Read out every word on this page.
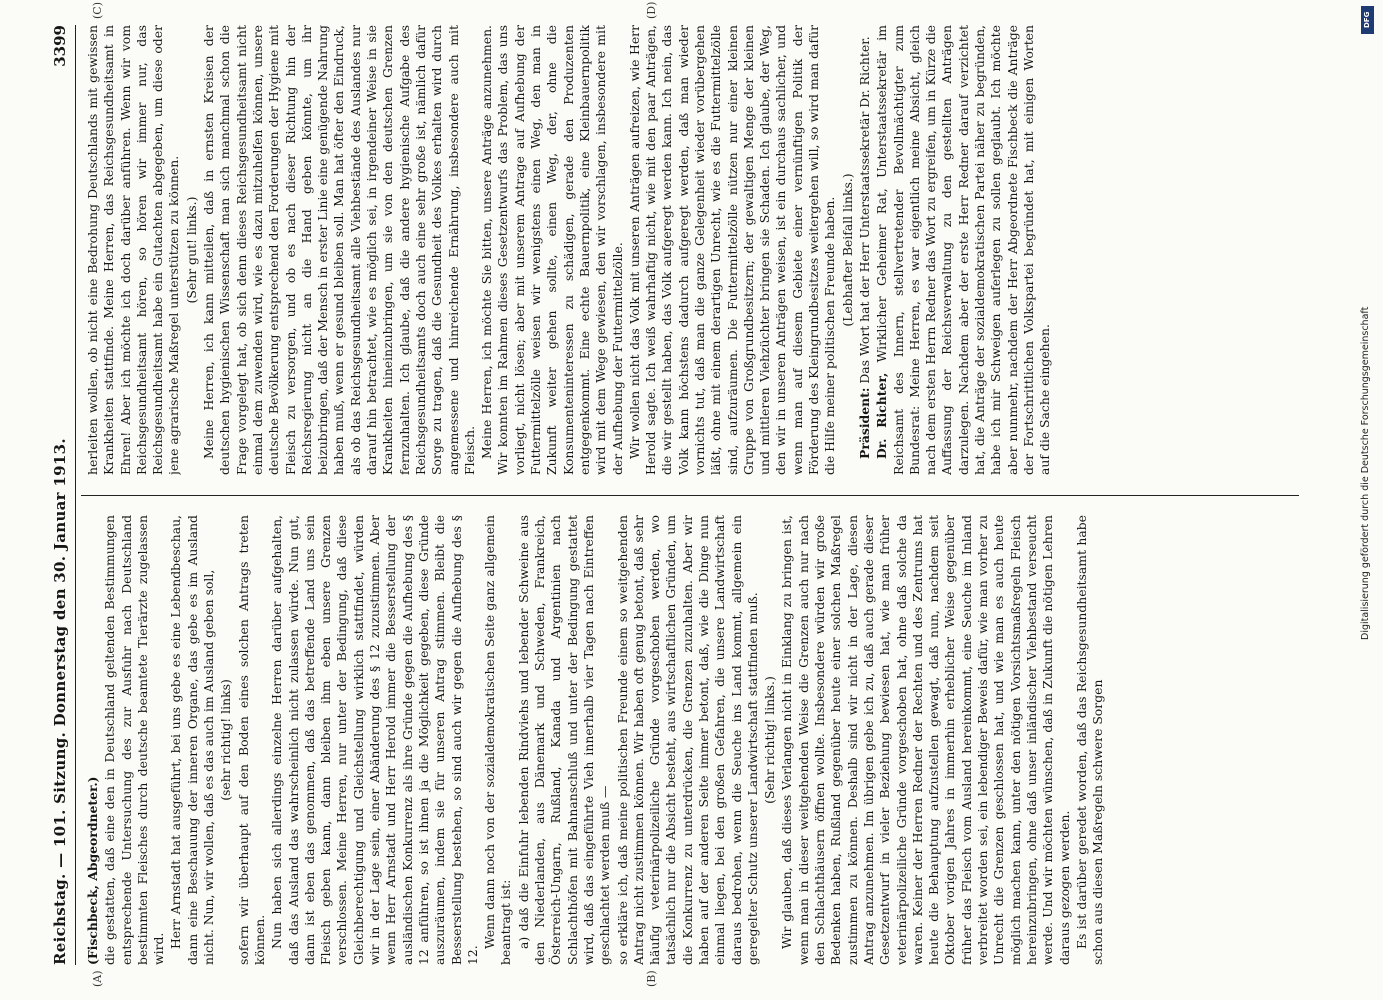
DFG
Digitalisierung gefördert durch die Deutsche Forschungsgemeinschaft
Reichstag. — 101. Sitzung. Donnerstag den 30. Januar 1913.
3399
(A)	(B)
(C)	(D)

(Fischbeck, Abgeordneter.) die gestatten, daß eine den in Deutschland geltenden Bestimmungen entsprechende Untersuchung des zur Ausfuhr nach Deutschland bestimmten Fleisches durch deutsche beamtete Tierärzte zugelassen wird. Herr Arnstadt hat ausgeführt, bei uns gebe es eine Lebendbeschau, dann eine Beschauung der inneren Organe, das gebe es im Ausland nicht. Nun, wir wollen, daß es das auch im Ausland geben soll, (sehr richtig! links) sofern wir überhaupt auf den Boden eines solchen Antrags treten können. Nun haben sich allerdings einzelne Herren darüber aufgehalten, daß das Ausland das wahrscheinlich nicht zulassen würde. Nun gut, dann ist eben das genommen, daß das betreffende Land uns sein Fleisch geben kann, dann bleiben ihm eben unsere Grenzen verschlossen. Meine Herren, nur unter der Bedingung, daß diese Gleichberechtigung und Gleichstellung wirklich stattfindet, würden wir in der Lage sein, einer Abänderung des § 12 zuzustimmen. Aber wenn Herr Arnstadt und Herr Herold immer die Besserstellung der ausländischen Konkurrenz als ihre Gründe gegen die Aufhebung des § 12 anführen, so ist ihnen ja die Möglichkeit gegeben, diese Gründe auszuräumen, indem sie für unseren Antrag stimmen. Bleibt die Besserstellung bestehen, so sind auch wir gegen die Aufhebung des § 12.

Wenn dann noch von der sozialdemokratischen Seite ganz allgemein beantragt ist: a) daß die Einfuhr lebenden Rindviehs und lebender Schweine aus den Niederlanden, aus Dänemark und Schweden, Frankreich, Österreich-Ungarn, Rußland, Kanada und Argentinien nach Schlachthöfen mit Bahnanschluß und unter der Bedingung gestattet wird, daß das eingeführte Vieh innerhalb vier Tagen nach Eintreffen geschlachtet werden muß — so erkläre ich, daß meine politischen Freunde einem so weitgehenden Antrag nicht zustimmen können. Wir haben oft genug betont, daß sehr häufig veterinärpolizeiliche Gründe vorgeschoben werden, wo tatsächlich nur die Absicht besteht, aus wirtschaftlichen Gründen, um die Konkurrenz zu unterdrücken, die Grenzen zuzuhalten. Aber wir haben auf der anderen Seite immer betont, daß, wie die Dinge nun einmal liegen, bei den großen Gefahren, die unsere Landwirtschaft daraus bedrohen, wenn die Seuche ins Land kommt, allgemein ein geregelter Schutz unserer Landwirtschaft stattfinden muß. (Sehr richtig! links.) Wir glauben, daß dieses Verlangen nicht in Einklang zu bringen ist, wenn man in dieser weitgehenden Weise die Grenzen auch nur nach den Schlachthäusern öffnen wollte. Insbesondere würden wir große Bedenken haben, Rußland gegenüber heute einer solchen Maßregel zustimmen zu können. Deshalb sind wir nicht in der Lage, diesen Antrag anzunehmen. Im übrigen gebe ich zu, daß auch gerade dieser Gesetzentwurf in vieler Beziehung bewiesen hat, wie man früher veterinärpolizeiliche Gründe vorgeschoben hat, ohne daß solche da waren. Keiner der Herren Redner der Rechten und des Zentrums hat heute die Behauptung aufzustellen gewagt, daß nun, nachdem seit Oktober vorigen Jahres in immerhin erheblicher Weise gegenüber früher das Fleisch vom Ausland hereinkommt, eine Seuche im Inland verbreitet worden sei, ein lebendiger Beweis dafür, wie man vorher zu Unrecht die Grenzen geschlossen hat, und wie man es auch heute möglich machen kann, unter den nötigen Vorsichtsmaßregeln Fleisch hereinzubringen, ohne daß unser inländischer Viehbestand verseucht werde. Und wir möchten wünschen, daß in Zukunft die nötigen Lehren daraus gezogen werden. Es ist darüber geredet worden, daß das Reichsgesundheitsamt habe schon aus diesen Maßregeln schwere Sorgen

herleiten wollen, ob nicht eine Bedrohung Deutschlands mit gewissen Krankheiten stattfinde. Meine Herren, das Reichsgesundheitsamt in Ehren! Aber ich möchte ich doch darüber anführen. Wenn wir vom Reichsgesundheitsamt hören, so hören wir immer nur, das Reichsgesundheitsamt habe ein Gutachten abgegeben, um diese oder jene agrarische Maßregel unterstützen zu können. (Sehr gut! links.) Meine Herren, ich kann mitteilen, daß in ernsten Kreisen der deutschen hygienischen Wissenschaft man sich manchmal schon die Frage vorgelegt hat, ob sich denn dieses Reichsgesundheitsamt nicht einmal dem zuwenden wird, wie es dazu mitzuhelfen können, unsere deutsche Bevölkerung entsprechend den Forderungen der Hygiene mit Fleisch zu versorgen, und ob es nach dieser Richtung hin der Reichsregierung nicht an die Hand geben könnte, um ihr beizubringen, daß der Mensch in erster Linie eine genügende Nahrung haben muß, wenn er gesund bleiben soll. Man hat öfter den Eindruck, als ob das Reichsgesundheitsamt alle Viehbestände des Auslandes nur darauf hin betrachtet, wie es möglich sei, in irgendeiner Weise in sie Krankheiten hineinzubringen, um sie von den deutschen Grenzen fernzuhalten. Ich glaube, daß die andere hygienische Aufgabe des Reichsgesundheitsamts doch auch eine sehr große ist, nämlich dafür Sorge zu tragen, daß die Gesundheit des Volkes erhalten wird durch angemessene und hinreichende Ernährung, insbesondere auch mit Fleisch. Meine Herren, ich möchte Sie bitten, unsere Anträge anzunehmen. Wir konnten im Rahmen dieses Gesetzentwurfs das Problem, das uns vorliegt, nicht lösen; aber mit unserem Antrage auf Aufhebung der Futtermittelzölle weisen wir wenigstens einen Weg, den man in Zukunft weiter gehen sollte, einen Weg, der, ohne die Konsumenteninteressen zu schädigen, gerade den Produzenten entgegenkommt. Eine echte Bauernpolitik, eine Kleinbauernpolitik wird mit dem Wege gewiesen, den wir vorschlagen, insbesondere mit der Aufhebung der Futtermittelzölle. Wir wollen nicht das Volk mit unseren Anträgen aufreizen, wie Herr Herold sagte. Ich weiß wahrhaftig nicht, wie mit den paar Anträgen, die wir gestellt haben, das Volk aufgeregt werden kann. Ich nein, das Volk kann höchstens dadurch aufgeregt werden, daß man wieder vornichts tut, daß man die ganze Gelegenheit wieder vorübergehen läßt, ohne mit einem derartigen Unrecht, wie es die Futtermittelzölle sind, aufzuräumen. Die Futtermittelzölle nützen nur einer kleinen Gruppe von Großgrundbesitzern; der gewaltigen Menge der kleinen und mittleren Viehzüchter bringen sie Schaden. Ich glaube, der Weg, den wir in unseren Anträgen weisen, ist ein durchaus sachlicher, und wenn man auf diesem Gebiete einer vernünftigen Politik der Förderung des Kleingrundbesitzes weitergehen will, so wird man dafür die Hilfe meiner politischen Freunde haben. (Lebhafter Beifall links.)

Präsident: Das Wort hat der Herr Unterstaatssekretär Dr. Richter.

Dr. Richter, Wirklicher Geheimer Rat, Unterstaatssekretär im Reichsamt des Innern, stellvertretender Bevollmächtigter zum Bundesrat: Meine Herren, es war eigentlich meine Absicht, gleich nach dem ersten Herrn Redner das Wort zu ergreifen, um in Kürze die Auffassung der Reichsverwaltung zu den gestellten Anträgen darzulegen. Nachdem aber der erste Herr Redner darauf verzichtet hat, die Anträge der sozialdemokratischen Partei näher zu begründen, habe ich mir Schweigen auferlegen zu sollen geglaubt. Ich möchte aber nunmehr, nachdem der Herr Abgeordnete Fischbeck die Anträge der Fortschrittlichen Volkspartei begründet hat, mit einigen Worten auf die Sache eingehen.
